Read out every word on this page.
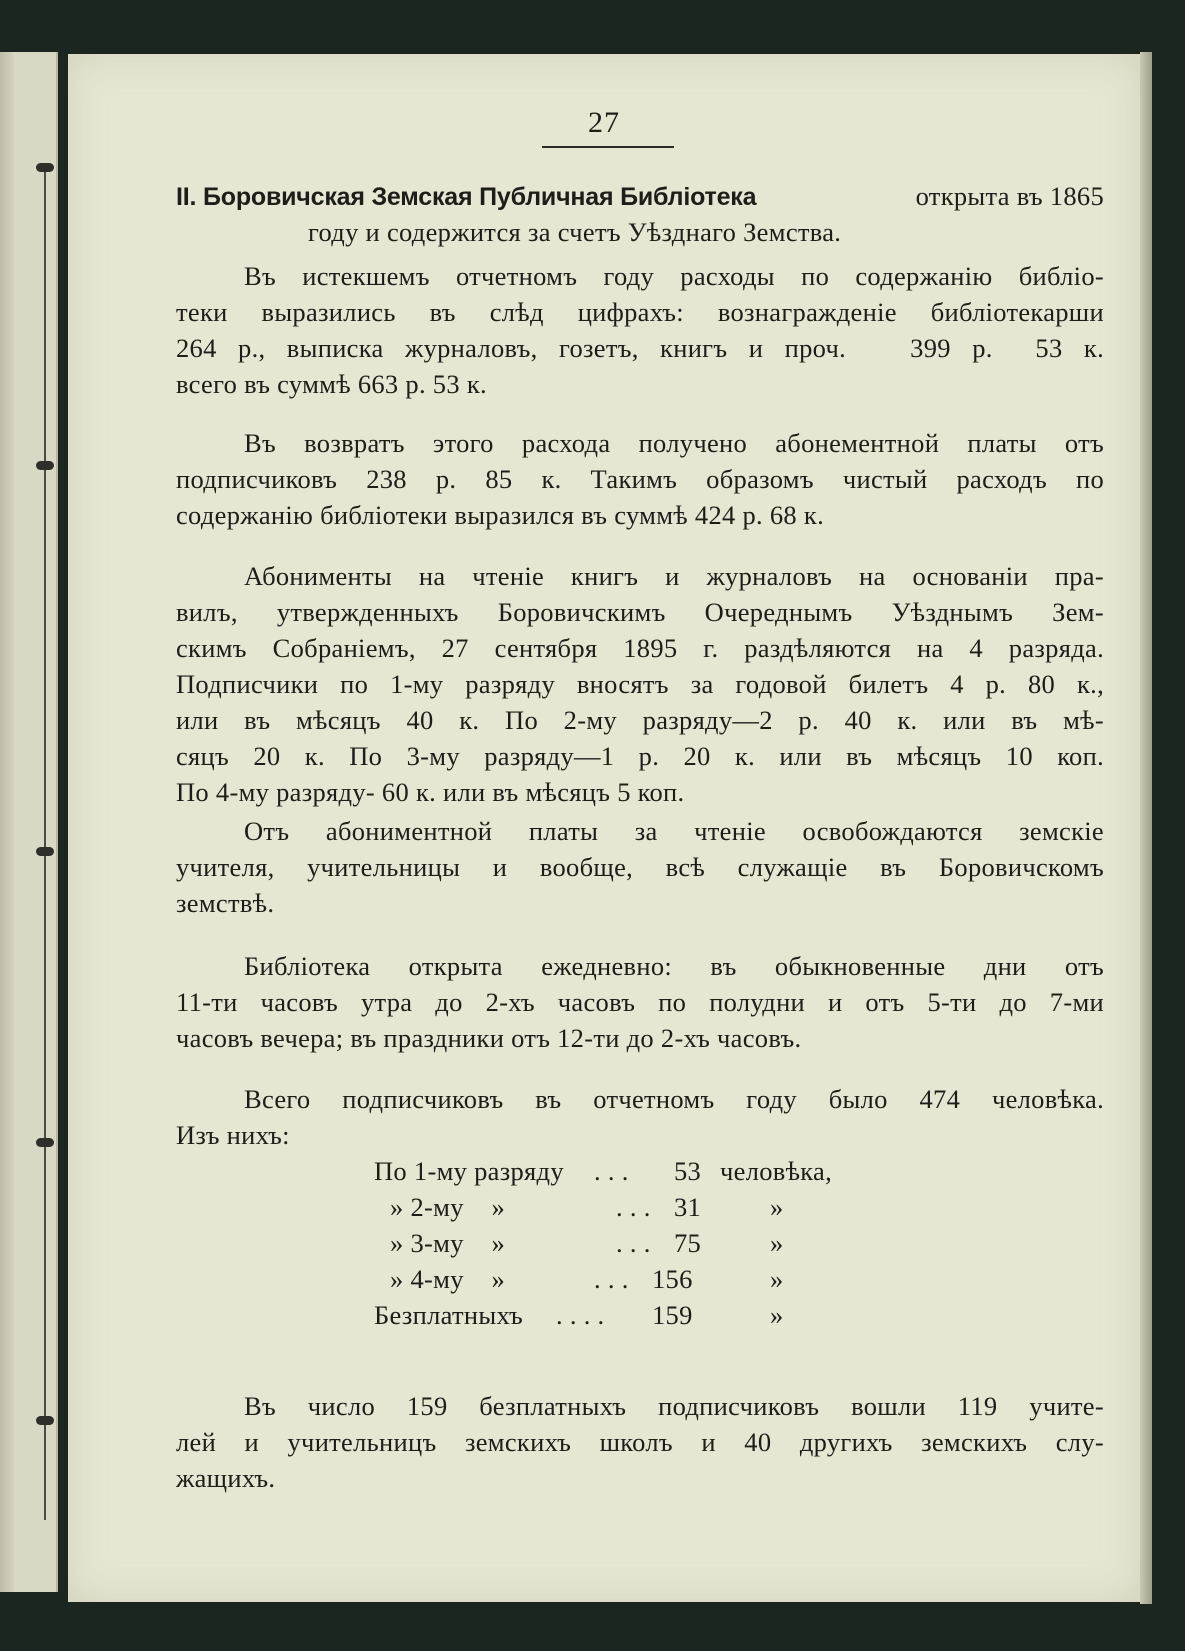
27
II. Боровичская Земская Публичная Библіотека	открыта въ 1865
году и содержится за счетъ Уѣзднаго Земства.
Въ истекшемъ отчетномъ году расходы по содержанію библіо-
теки выразились въ слѣд цифрахъ: вознагражденіе библіотекарши
264 р., выписка журналовъ, гозетъ, книгъ и проч.   399 р.  53 к.
всего въ суммѣ 663 р. 53 к.
Въ возвратъ этого расхода получено абонементной платы отъ
подписчиковъ 238 р. 85 к. Такимъ образомъ чистый расходъ по
содержанію библіотеки выразился въ суммѣ 424 р. 68 к.
Абонименты на чтеніе книгъ и журналовъ на основаніи пра-
вилъ, утвержденныхъ Боровичскимъ Очереднымъ Уѣзднымъ Зем-
скимъ Собраніемъ, 27 сентября 1895 г. раздѣляются на 4 разряда.
Подписчики по 1-му разряду вносятъ за годовой билетъ 4 р. 80 к.,
или въ мѣсяцъ 40 к. По 2-му разряду—2 р. 40 к. или въ мѣ-
сяцъ 20 к. По 3-му разряду—1 р. 20 к. или въ мѣсяцъ 10 коп.
По 4-му разряду- 60 к. или въ мѣсяцъ 5 коп.
Отъ абониментной платы за чтеніе освобождаются земскіе
учителя, учительницы и вообще, всѣ служащіе въ Боровичскомъ
земствѣ.
Библіотека открыта ежедневно: въ обыкновенные дни отъ
11-ти часовъ утра до 2-хъ часовъ по полудни и отъ 5-ти до 7-ми
часовъ вечера; въ праздники отъ 12-ти до 2-хъ часовъ.
Всего подписчиковъ въ отчетномъ году было 474 человѣка.
Изъ нихъ:
По 1-му разряду . . . 53 человѣка,
» 2-му    »	. . . 31	»
» 3-му    »	. . . 75	»
» 4-му    »	. . . 156	»
Безплатныхъ . . . . 159	»
Въ число 159 безплатныхъ подписчиковъ вошли 119 учите-
лей и учительницъ земскихъ школъ и 40 другихъ земскихъ слу-
жащихъ.
